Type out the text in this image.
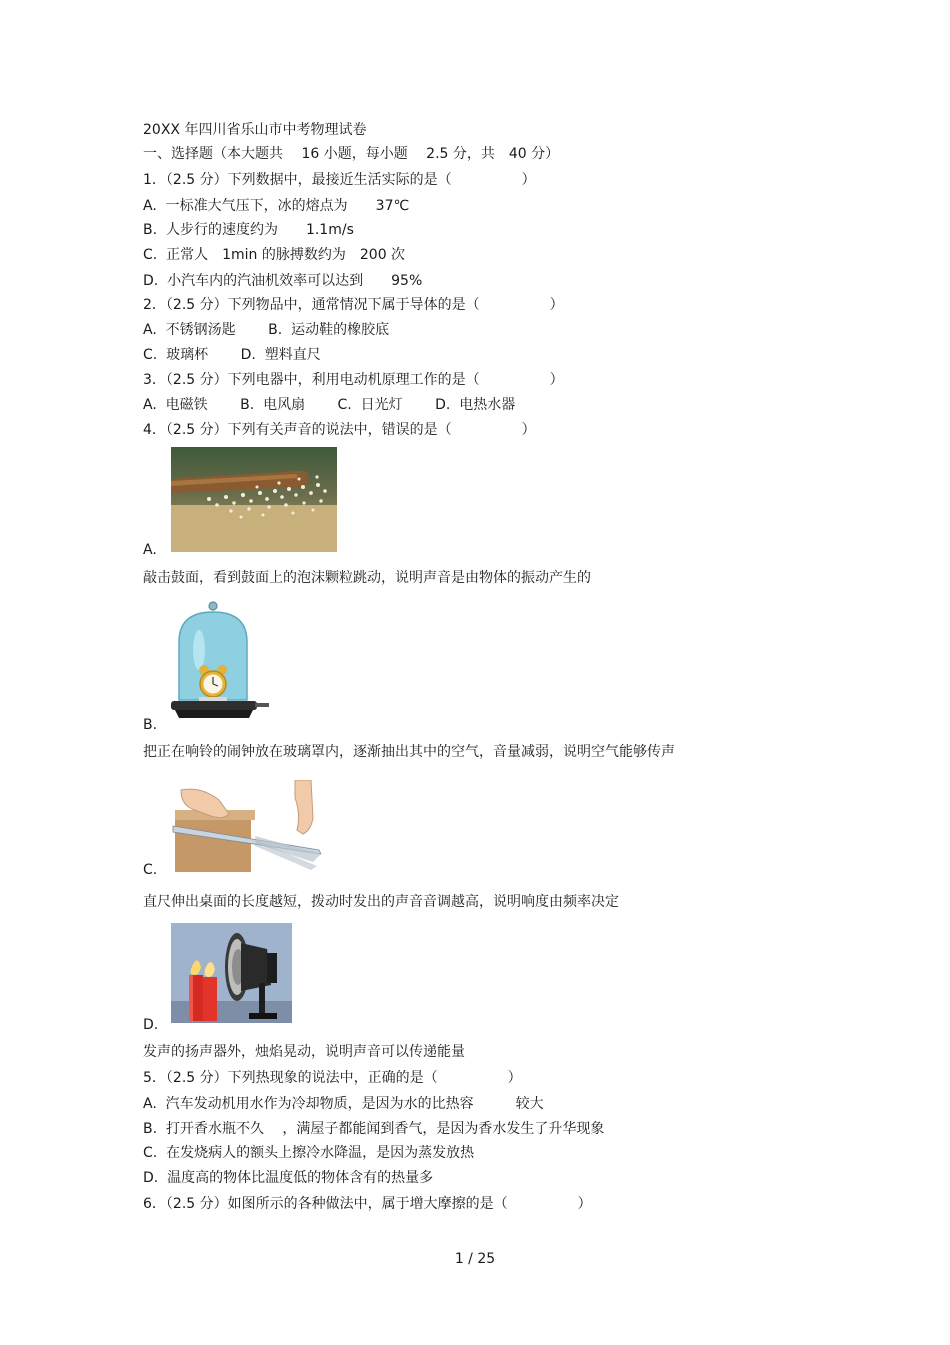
20XX 年四川省乐山市中考物理试卷
一、选择题（本大题共　 16 小题，每小题　 2.5 分，共　40 分）
1．（2.5 分）下列数据中，最接近生活实际的是（　　　　　）
A.  一标准大气压下，冰的熔点为　　37℃
B.  人步行的速度约为　　1.1m/s
C.  正常人　1min 的脉搏数约为　200 次
D.  小汽车内的汽油机效率可以达到　　95%
2．（2.5 分）下列物品中，通常情况下属于导体的是（　　　　　）
A.  不锈钢汤匙　　 B.  运动鞋的橡胶底
C.  玻璃杯　　 D.  塑料直尺
3．（2.5 分）下列电器中，利用电动机原理工作的是（　　　　　）
A.  电磁铁　　 B.  电风扇　　 C.  日光灯　　 D.  电热水器
4．（2.5 分）下列有关声音的说法中，错误的是（　　　　　）
A.
敲击鼓面，看到鼓面上的泡沫颗粒跳动，说明声音是由物体的振动产生的
B.
把正在响铃的闹钟放在玻璃罩内，逐渐抽出其中的空气，音量减弱，说明空气能够传声
C.
直尺伸出桌面的长度越短，拨动时发出的声音音调越高，说明响度由频率决定
D.
发声的扬声器外，烛焰晃动，说明声音可以传递能量
5．（2.5 分）下列热现象的说法中，正确的是（　　　　　）
A.  汽车发动机用水作为冷却物质，是因为水的比热容　　　较大
B.  打开香水瓶不久　 ，满屋子都能闻到香气，是因为香水发生了升华现象
C.  在发烧病人的额头上擦冷水降温，是因为蒸发放热
D.  温度高的物体比温度低的物体含有的热量多
6．（2.5 分）如图所示的各种做法中，属于增大摩擦的是（　　　　　）
1 / 25
